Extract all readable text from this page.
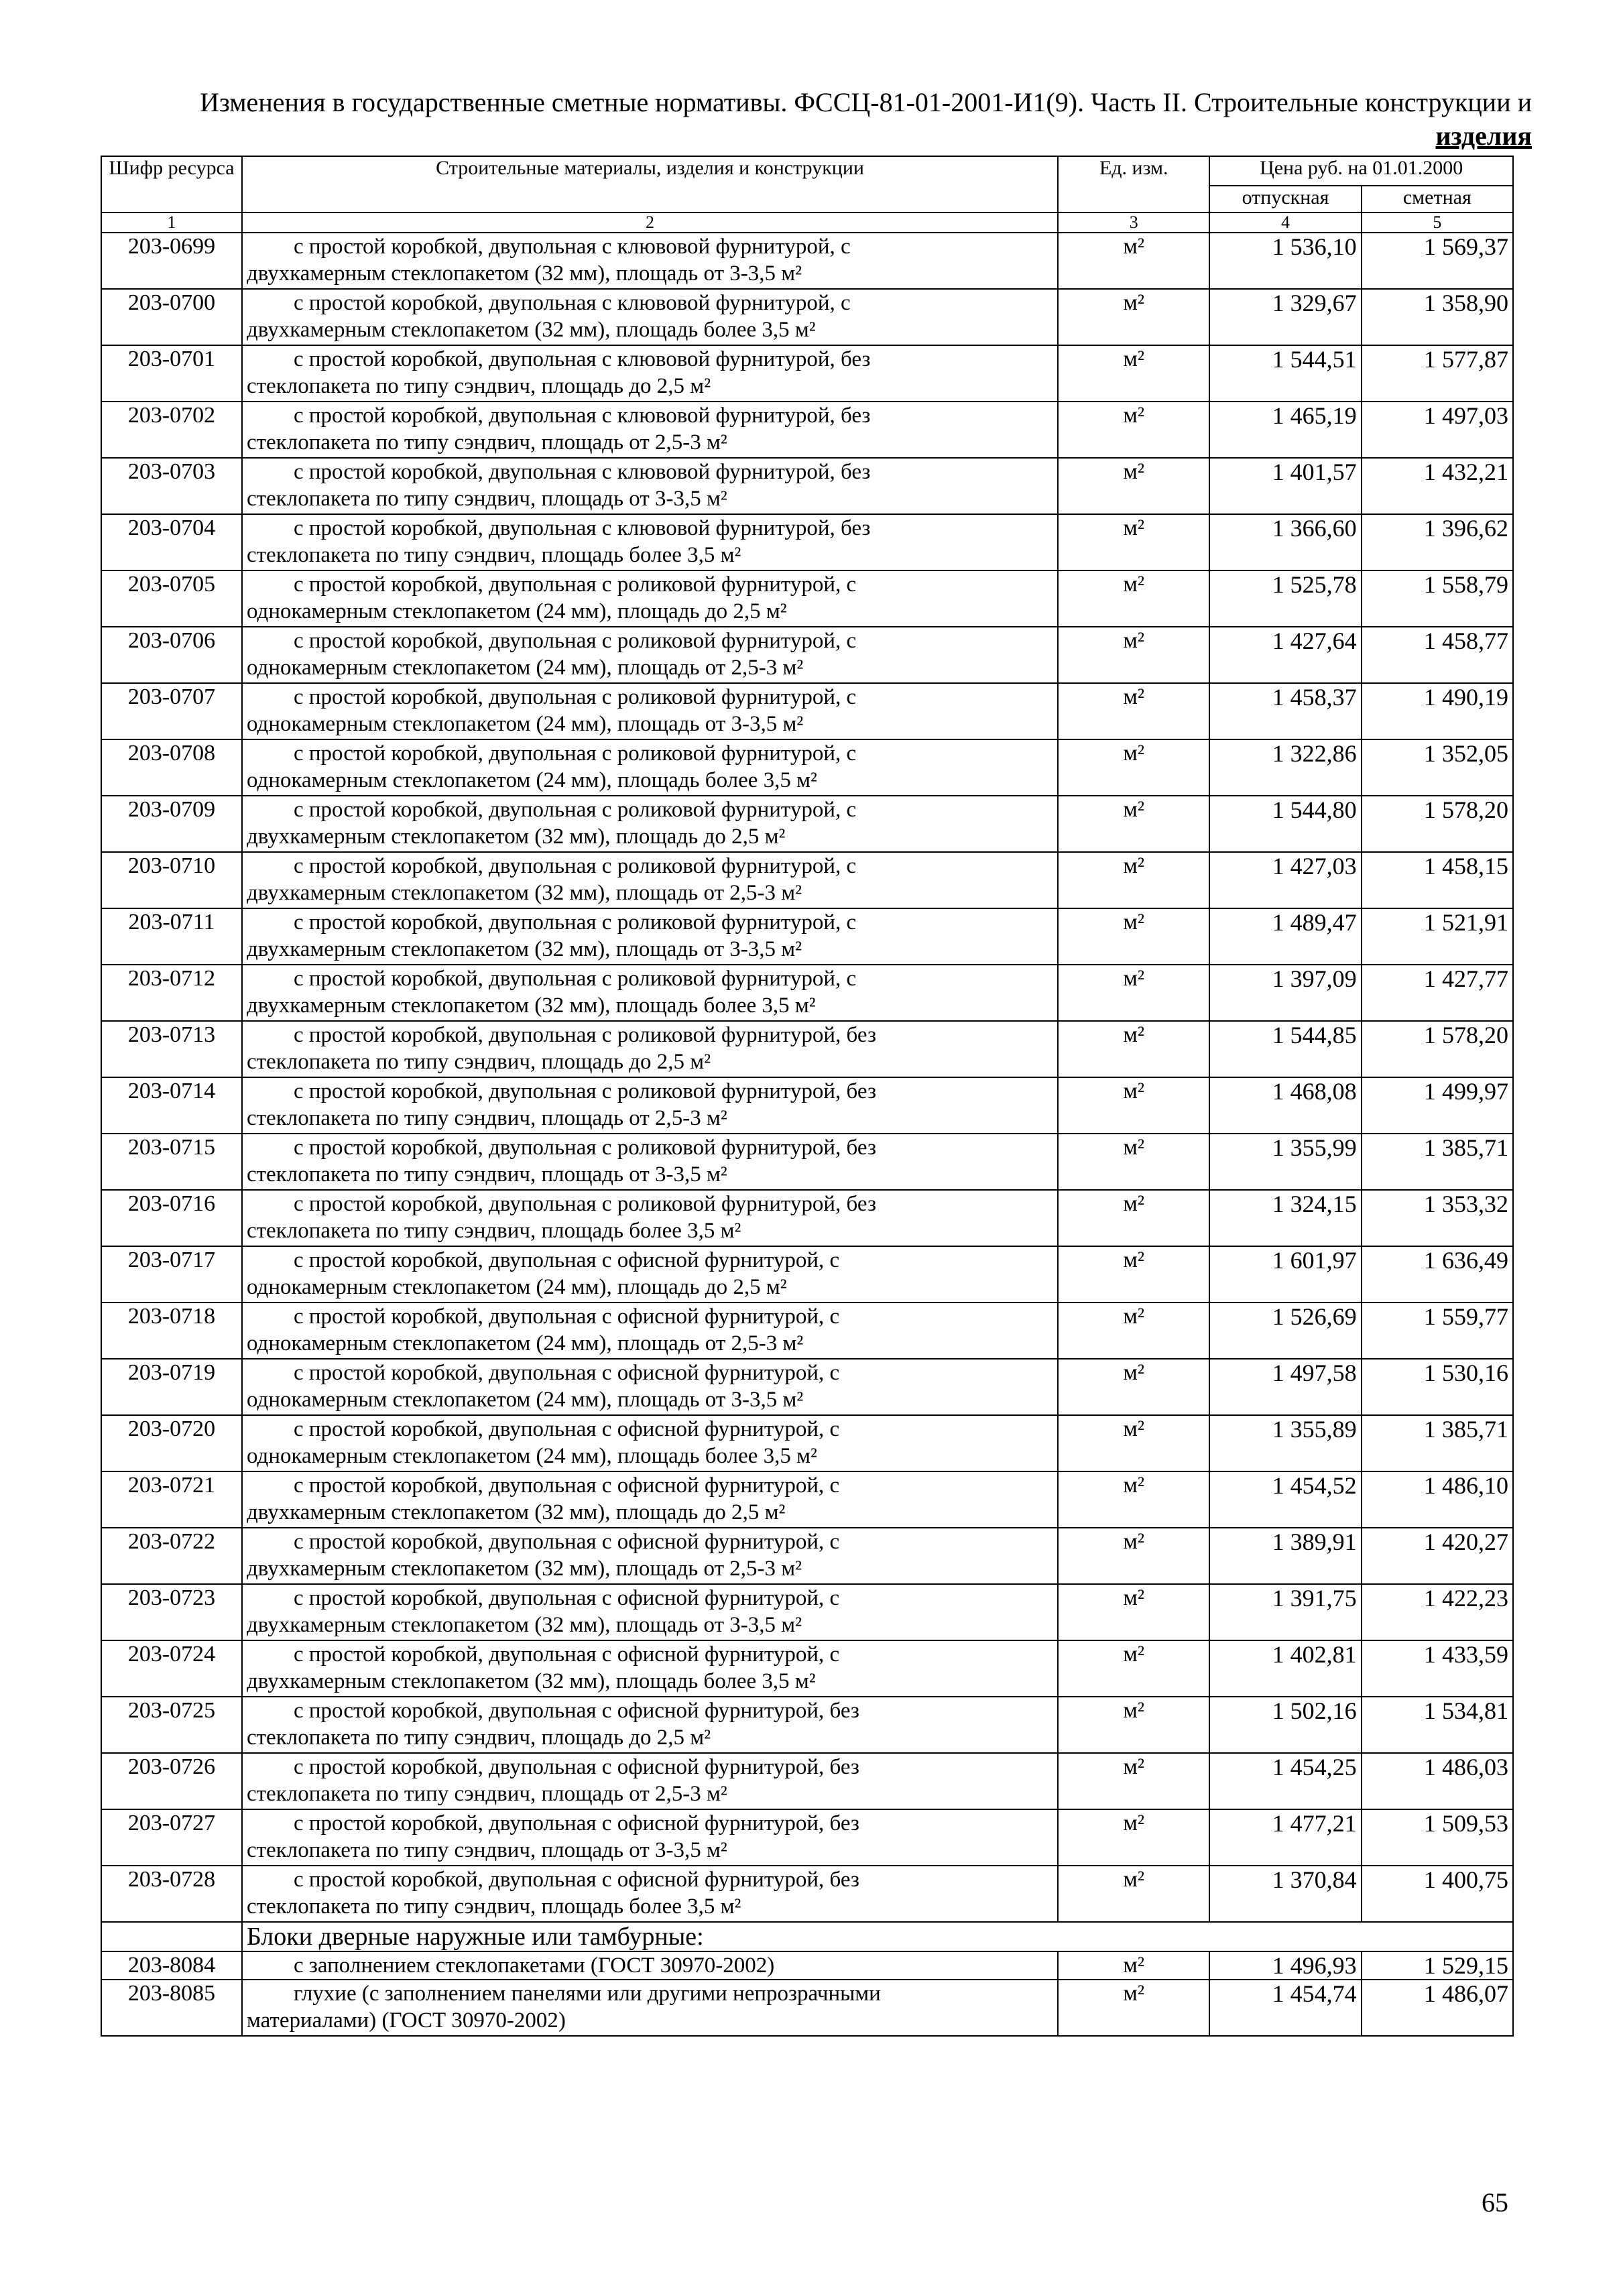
Изменения в государственные сметные нормативы. ФССЦ-81-01-2001-И1(9). Часть II. Строительные конструкции и
изделия
Шифр ресурса	Строительные материалы, изделия и конструкции	Ед. изм.	Цена руб. на 01.01.2000	
			отпускная	сметная
1	2	3	4	5
203-0699	с простой коробкой, двупольная с клювовой фурнитурой, с
двухкамерным стеклопакетом (32 мм), площадь от 3-3,5 м²	м²	1 536,10	1 569,37
203-0700	с простой коробкой, двупольная с клювовой фурнитурой, с
двухкамерным стеклопакетом (32 мм), площадь более 3,5 м²	м²	1 329,67	1 358,90
203-0701	с простой коробкой, двупольная с клювовой фурнитурой, без
стеклопакета по типу сэндвич, площадь до 2,5 м²	м²	1 544,51	1 577,87
203-0702	с простой коробкой, двупольная с клювовой фурнитурой, без
стеклопакета по типу сэндвич, площадь от 2,5-3 м²	м²	1 465,19	1 497,03
203-0703	с простой коробкой, двупольная с клювовой фурнитурой, без
стеклопакета по типу сэндвич, площадь от 3-3,5 м²	м²	1 401,57	1 432,21
203-0704	с простой коробкой, двупольная с клювовой фурнитурой, без
стеклопакета по типу сэндвич, площадь более 3,5 м²	м²	1 366,60	1 396,62
203-0705	с простой коробкой, двупольная с роликовой фурнитурой, с
однокамерным стеклопакетом (24 мм), площадь до 2,5 м²	м²	1 525,78	1 558,79
203-0706	с простой коробкой, двупольная с роликовой фурнитурой, с
однокамерным стеклопакетом (24 мм), площадь от 2,5-3 м²	м²	1 427,64	1 458,77
203-0707	с простой коробкой, двупольная с роликовой фурнитурой, с
однокамерным стеклопакетом (24 мм), площадь от 3-3,5 м²	м²	1 458,37	1 490,19
203-0708	с простой коробкой, двупольная с роликовой фурнитурой, с
однокамерным стеклопакетом (24 мм), площадь более 3,5 м²	м²	1 322,86	1 352,05
203-0709	с простой коробкой, двупольная с роликовой фурнитурой, с
двухкамерным стеклопакетом (32 мм), площадь до 2,5 м²	м²	1 544,80	1 578,20
203-0710	с простой коробкой, двупольная с роликовой фурнитурой, с
двухкамерным стеклопакетом (32 мм), площадь от 2,5-3 м²	м²	1 427,03	1 458,15
203-0711	с простой коробкой, двупольная с роликовой фурнитурой, с
двухкамерным стеклопакетом (32 мм), площадь от 3-3,5 м²	м²	1 489,47	1 521,91
203-0712	с простой коробкой, двупольная с роликовой фурнитурой, с
двухкамерным стеклопакетом (32 мм), площадь более 3,5 м²	м²	1 397,09	1 427,77
203-0713	с простой коробкой, двупольная с роликовой фурнитурой, без
стеклопакета по типу сэндвич, площадь до 2,5 м²	м²	1 544,85	1 578,20
203-0714	с простой коробкой, двупольная с роликовой фурнитурой, без
стеклопакета по типу сэндвич, площадь от 2,5-3 м²	м²	1 468,08	1 499,97
203-0715	с простой коробкой, двупольная с роликовой фурнитурой, без
стеклопакета по типу сэндвич, площадь от 3-3,5 м²	м²	1 355,99	1 385,71
203-0716	с простой коробкой, двупольная с роликовой фурнитурой, без
стеклопакета по типу сэндвич, площадь более 3,5 м²	м²	1 324,15	1 353,32
203-0717	с простой коробкой, двупольная с офисной фурнитурой, с
однокамерным стеклопакетом (24 мм), площадь до 2,5 м²	м²	1 601,97	1 636,49
203-0718	с простой коробкой, двупольная с офисной фурнитурой, с
однокамерным стеклопакетом (24 мм), площадь от 2,5-3 м²	м²	1 526,69	1 559,77
203-0719	с простой коробкой, двупольная с офисной фурнитурой, с
однокамерным стеклопакетом (24 мм), площадь от 3-3,5 м²	м²	1 497,58	1 530,16
203-0720	с простой коробкой, двупольная с офисной фурнитурой, с
однокамерным стеклопакетом (24 мм), площадь более 3,5 м²	м²	1 355,89	1 385,71
203-0721	с простой коробкой, двупольная с офисной фурнитурой, с
двухкамерным стеклопакетом (32 мм), площадь до 2,5 м²	м²	1 454,52	1 486,10
203-0722	с простой коробкой, двупольная с офисной фурнитурой, с
двухкамерным стеклопакетом (32 мм), площадь от 2,5-3 м²	м²	1 389,91	1 420,27
203-0723	с простой коробкой, двупольная с офисной фурнитурой, с
двухкамерным стеклопакетом (32 мм), площадь от 3-3,5 м²	м²	1 391,75	1 422,23
203-0724	с простой коробкой, двупольная с офисной фурнитурой, с
двухкамерным стеклопакетом (32 мм), площадь более 3,5 м²	м²	1 402,81	1 433,59
203-0725	с простой коробкой, двупольная с офисной фурнитурой, без
стеклопакета по типу сэндвич, площадь до 2,5 м²	м²	1 502,16	1 534,81
203-0726	с простой коробкой, двупольная с офисной фурнитурой, без
стеклопакета по типу сэндвич, площадь от 2,5-3 м²	м²	1 454,25	1 486,03
203-0727	с простой коробкой, двупольная с офисной фурнитурой, без
стеклопакета по типу сэндвич, площадь от 3-3,5 м²	м²	1 477,21	1 509,53
203-0728	с простой коробкой, двупольная с офисной фурнитурой, без
стеклопакета по типу сэндвич, площадь более 3,5 м²	м²	1 370,84	1 400,75
	Блоки дверные наружные или тамбурные:			
203-8084	с заполнением стеклопакетами (ГОСТ 30970-2002)	м²	1 496,93	1 529,15
203-8085	глухие (с заполнением панелями или другими непрозрачными
материалами) (ГОСТ 30970-2002)	м²	1 454,74	1 486,07
65
